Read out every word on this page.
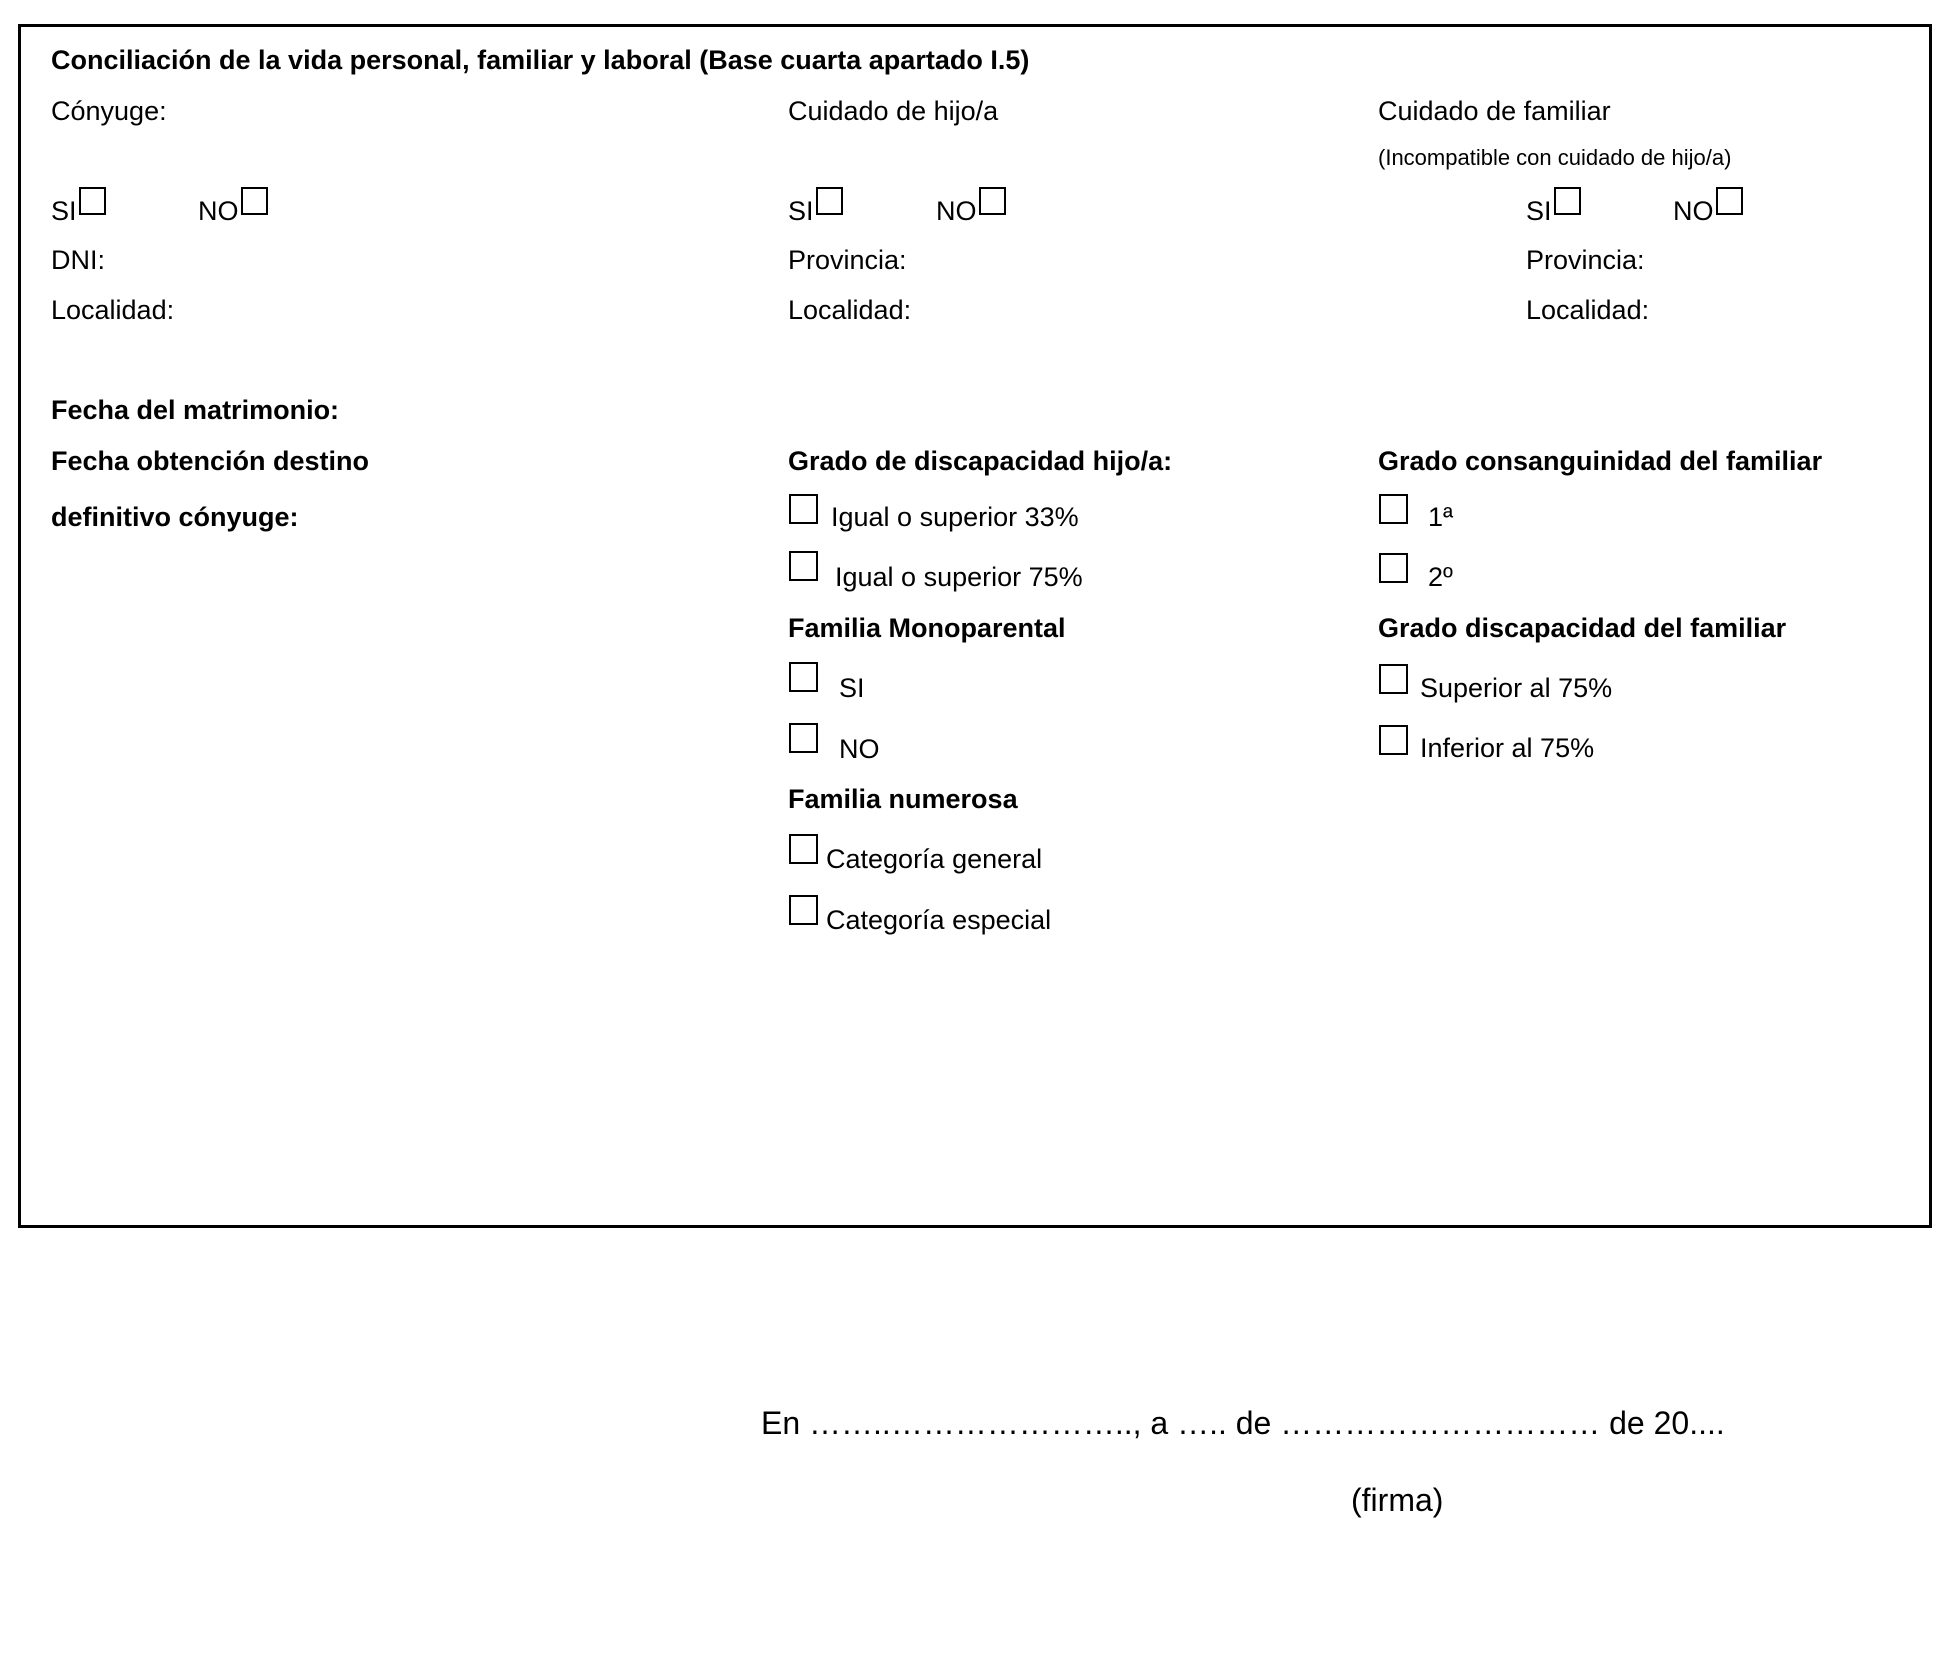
Conciliación de la vida personal, familiar y laboral (Base cuarta apartado I.5)
Cónyuge:	Cuidado de hijo/a	Cuidado de familiar
(Incompatible con cuidado de hijo/a)
SI	NO	SI	NO	SI	NO
DNI:	Provincia:	Provincia:
Localidad:	Localidad:	Localidad:
Fecha del matrimonio:
Fecha obtención destino
definitivo cónyuge:
Grado de discapacidad hijo/a:
Igual o superior 33%
Igual o superior 75%
Familia Monoparental
SI
NO
Familia numerosa
Categoría general
Categoría especial
Grado consanguinidad del familiar
1ª
2º
Grado discapacidad del familiar
Superior al 75%
Inferior al 75%
En ……..………………….., a ….. de ………………………… de 20....
(firma)
